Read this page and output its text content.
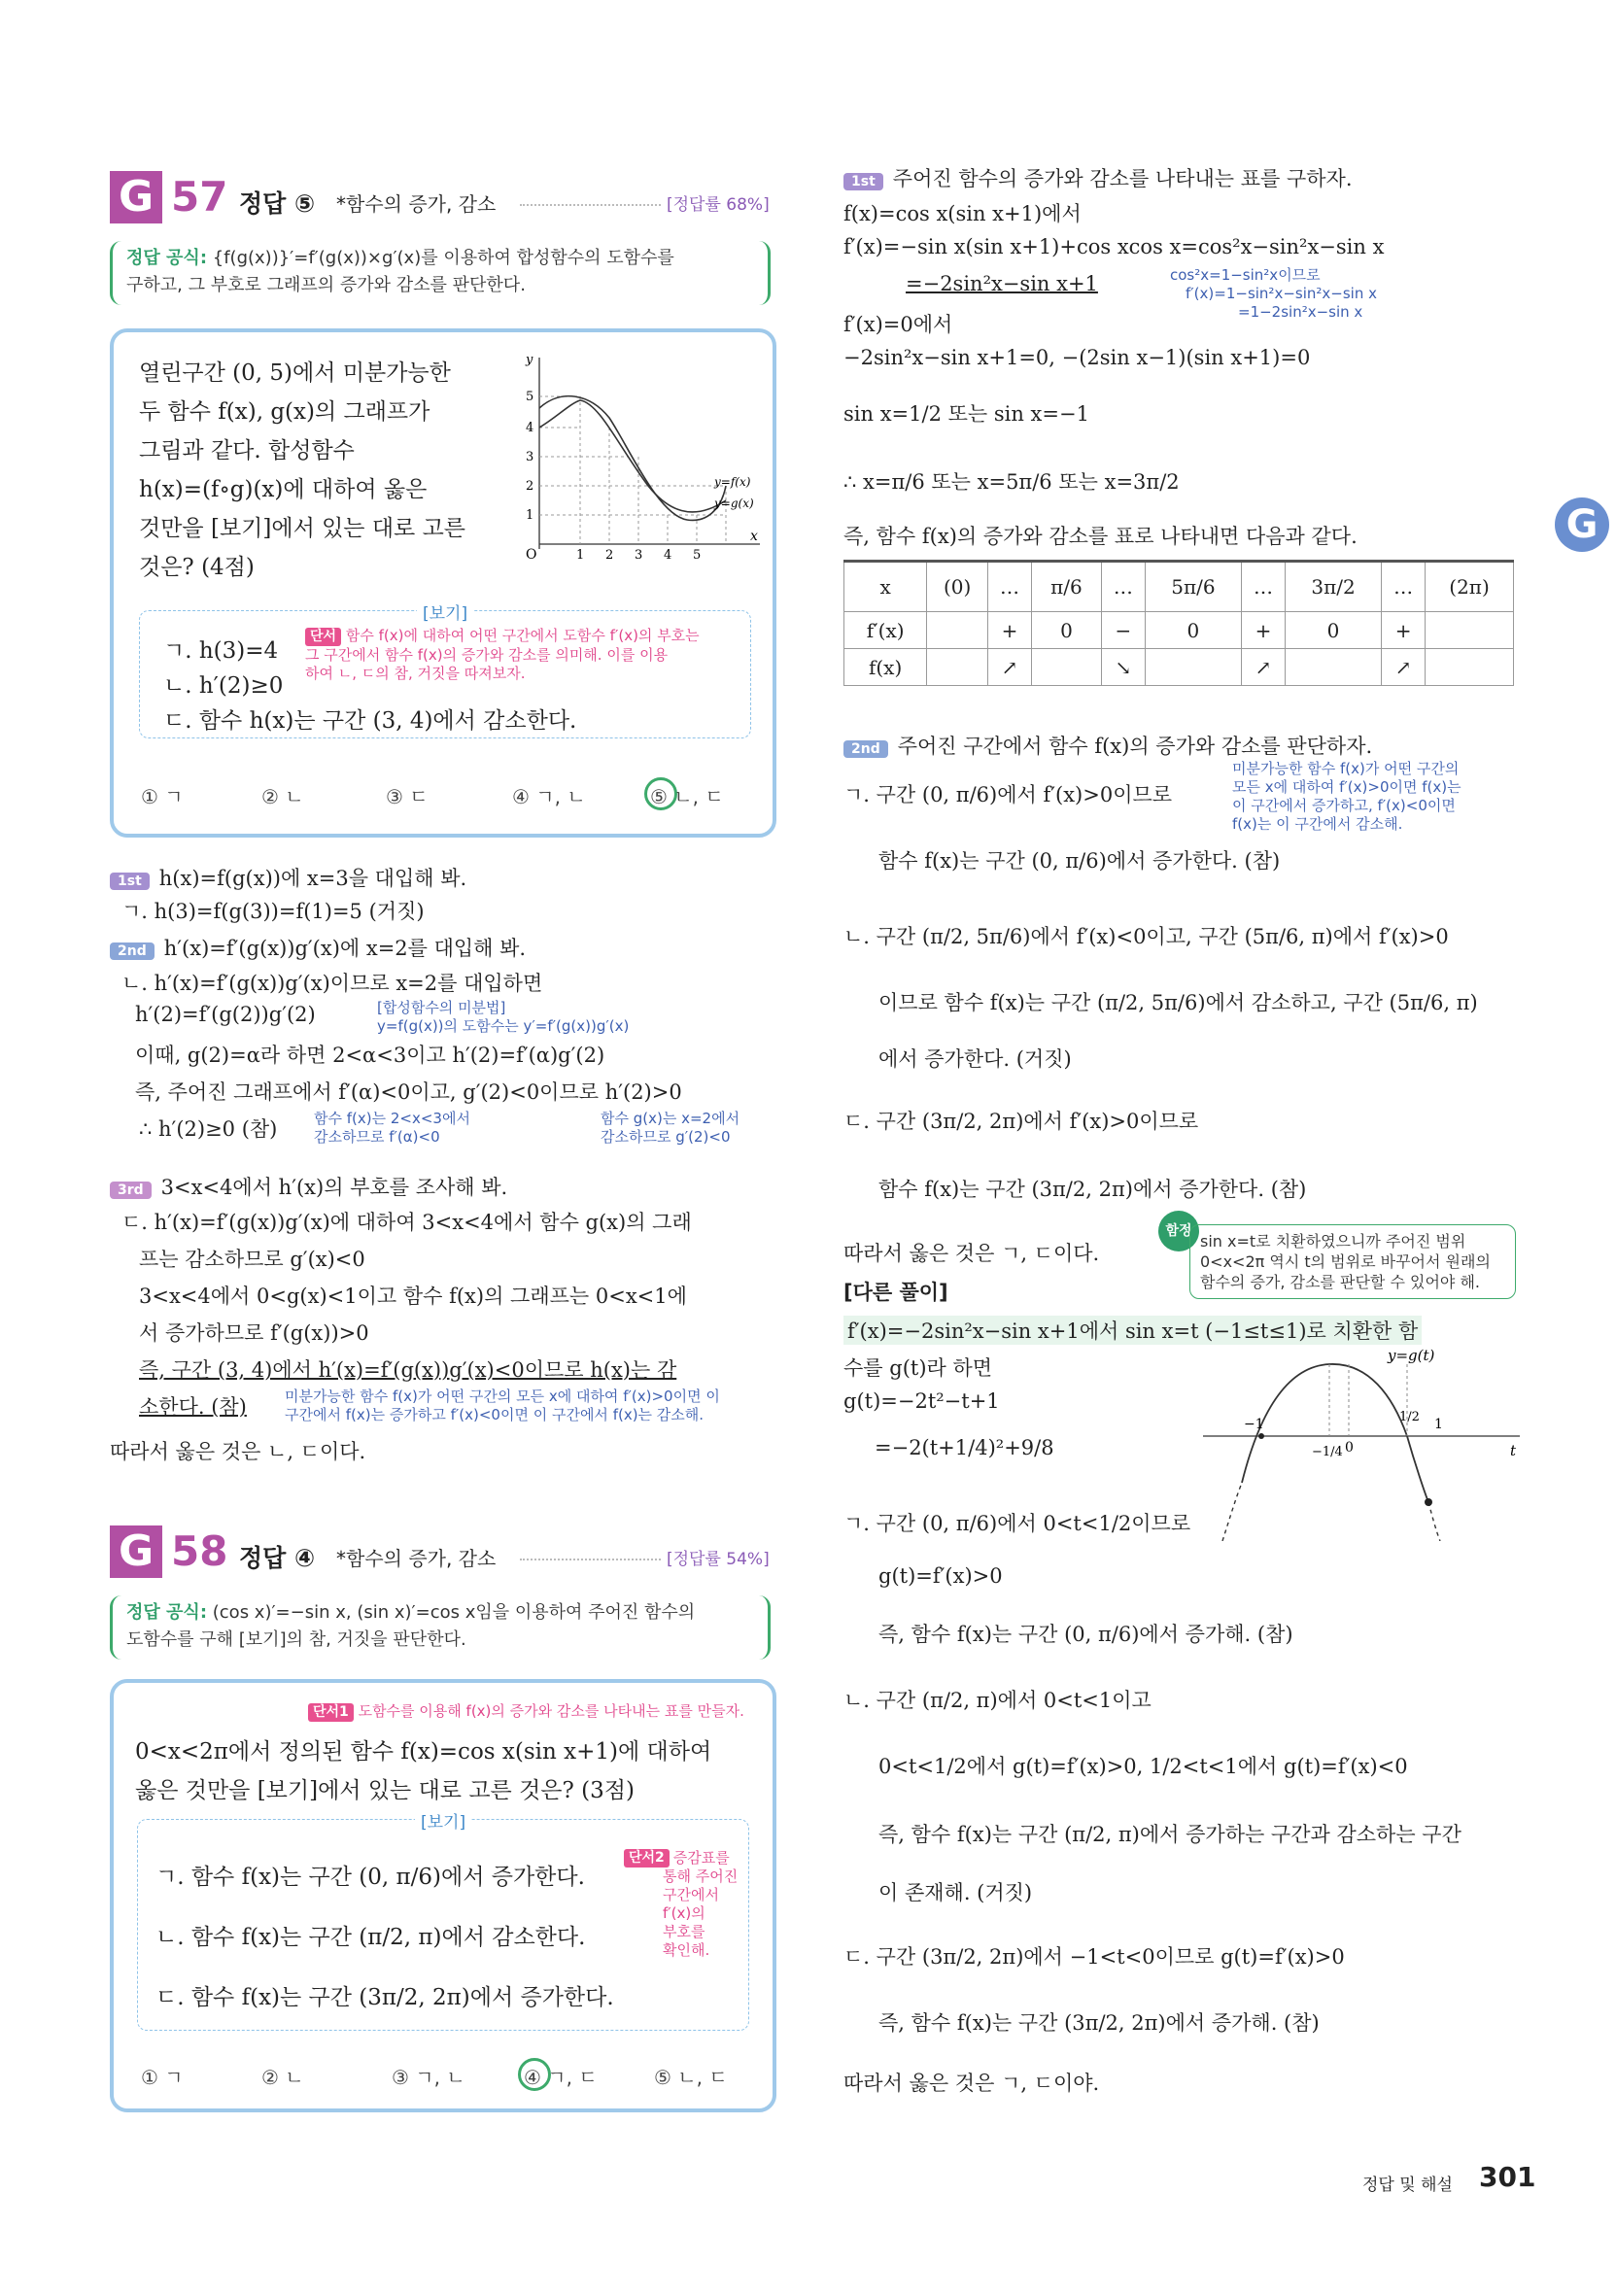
G 57 정답 ⑤ *함수의 증가, 감소	[정답률 68%]
정답 공식: {f(g(x))}′=f′(g(x))×g′(x)를 이용하여 합성함수의 도함수를
구하고, 그 부호로 그래프의 증가와 감소를 판단한다.
열린구간 (0, 5)에서 미분가능한
두 함수 f(x), g(x)의 그래프가
그림과 같다. 합성함수
h(x)=(f∘g)(x)에 대하여 옳은
것만을 [보기]에서 있는 대로 고른
것은? (4점)
y
x
O
5
4
3
2
1
1 2 3 4 5
y=f(x)
y=g(x)
[보기]
ㄱ. h(3)=4
ㄴ. h′(2)≥0
ㄷ. 함수 h(x)는 구간 (3, 4)에서 감소한다.
단서 함수 f(x)에 대하여 어떤 구간에서 도함수 f′(x)의 부호는
그 구간에서 함수 f(x)의 증가와 감소를 의미해. 이를 이용
하여 ㄴ, ㄷ의 참, 거짓을 따져보자.
① ㄱ	② ㄴ	③ ㄷ	④ ㄱ, ㄴ	⑤ ㄴ, ㄷ
1st h(x)=f(g(x))에 x=3을 대입해 봐.
ㄱ. h(3)=f(g(3))=f(1)=5 (거짓)
2nd h′(x)=f′(g(x))g′(x)에 x=2를 대입해 봐.
ㄴ. h′(x)=f′(g(x))g′(x)이므로 x=2를 대입하면
h′(2)=f′(g(2))g′(2)	[합성함수의 미분법]
y=f(g(x))의 도함수는 y′=f′(g(x))g′(x)
이때, g(2)=α라 하면 2<α<3이고 h′(2)=f′(α)g′(2)
즉, 주어진 그래프에서 f′(α)<0이고, g′(2)<0이므로 h′(2)>0
∴ h′(2)≥0 (참)	함수 f(x)는 2<x<3에서
감소하므로 f′(α)<0
함수 g(x)는 x=2에서
감소하므로 g′(2)<0
3rd 3<x<4에서 h′(x)의 부호를 조사해 봐.
ㄷ. h′(x)=f′(g(x))g′(x)에 대하여 3<x<4에서 함수 g(x)의 그래
프는 감소하므로 g′(x)<0
3<x<4에서 0<g(x)<1이고 함수 f(x)의 그래프는 0<x<1에
서 증가하므로 f′(g(x))>0
즉, 구간 (3, 4)에서 h′(x)=f′(g(x))g′(x)<0이므로 h(x)는 감
소한다. (참)	미분가능한 함수 f(x)가 어떤 구간의 모든 x에 대하여 f′(x)>0이면 이
구간에서 f(x)는 증가하고 f′(x)<0이면 이 구간에서 f(x)는 감소해.
따라서 옳은 것은 ㄴ, ㄷ이다.
G 58 정답 ④ *함수의 증가, 감소	[정답률 54%]
정답 공식: (cos x)′=−sin x, (sin x)′=cos x임을 이용하여 주어진 함수의
도함수를 구해 [보기]의 참, 거짓을 판단한다.
단서1 도함수를 이용해 f(x)의 증가와 감소를 나타내는 표를 만들자.
0<x<2π에서 정의된 함수 f(x)=cos x(sin x+1)에 대하여
옳은 것만을 [보기]에서 있는 대로 고른 것은? (3점)
[보기]
ㄱ. 함수 f(x)는 구간 (0, π/6)에서 증가한다.
ㄴ. 함수 f(x)는 구간 (π/2, π)에서 감소한다.
ㄷ. 함수 f(x)는 구간 (3π/2, 2π)에서 증가한다.
단서2 증감표를
통해 주어진
구간에서
f′(x)의
부호를
확인해.
① ㄱ	② ㄴ	③ ㄱ, ㄴ	④ ㄱ, ㄷ	⑤ ㄴ, ㄷ
G
1st 주어진 함수의 증가와 감소를 나타내는 표를 구하자.
f(x)=cos x(sin x+1)에서
f′(x)=−sin x(sin x+1)+cos xcos x=cos²x−sin²x−sin x
=−2sin²x−sin x+1	cos²x=1−sin²x이므로
f′(x)=1−sin²x−sin²x−sin x
=1−2sin²x−sin x
f′(x)=0에서
−2sin²x−sin x+1=0, −(2sin x−1)(sin x+1)=0
sin x=1/2 또는 sin x=−1
∴ x=π/6 또는 x=5π/6 또는 x=3π/2
즉, 함수 f(x)의 증가와 감소를 표로 나타내면 다음과 같다.
x	(0)	…	π/6	…	5π/6	…	3π/2	…	(2π)
f′(x)		+	0	−	0	+	0	+	
f(x)		↗		↘		↗		↗	
2nd 주어진 구간에서 함수 f(x)의 증가와 감소를 판단하자.
미분가능한 함수 f(x)가 어떤 구간의
모든 x에 대하여 f′(x)>0이면 f(x)는
이 구간에서 증가하고, f′(x)<0이면
f(x)는 이 구간에서 감소해.
ㄱ. 구간 (0, π/6)에서 f′(x)>0이므로
함수 f(x)는 구간 (0, π/6)에서 증가한다. (참)
ㄴ. 구간 (π/2, 5π/6)에서 f′(x)<0이고, 구간 (5π/6, π)에서 f′(x)>0
이므로 함수 f(x)는 구간 (π/2, 5π/6)에서 감소하고, 구간 (5π/6, π)
에서 증가한다. (거짓)
ㄷ. 구간 (3π/2, 2π)에서 f′(x)>0이므로
함수 f(x)는 구간 (3π/2, 2π)에서 증가한다. (참)
따라서 옳은 것은 ㄱ, ㄷ이다.
함정
sin x=t로 치환하였으니까 주어진 범위
0<x<2π 역시 t의 범위로 바꾸어서 원래의
함수의 증가, 감소를 판단할 수 있어야 해.
[다른 풀이]
f′(x)=−2sin²x−sin x+1에서 sin x=t (−1≤t≤1)로 치환한 함
수를 g(t)라 하면
g(t)=−2t²−t+1
=−2(t+1/4)²+9/8
y=g(t)
t
−1	1/2 1
−1/4 0
ㄱ. 구간 (0, π/6)에서 0<t<1/2이므로
g(t)=f′(x)>0
즉, 함수 f(x)는 구간 (0, π/6)에서 증가해. (참)
ㄴ. 구간 (π/2, π)에서 0<t<1이고
0<t<1/2에서 g(t)=f′(x)>0, 1/2<t<1에서 g(t)=f′(x)<0
즉, 함수 f(x)는 구간 (π/2, π)에서 증가하는 구간과 감소하는 구간
이 존재해. (거짓)
ㄷ. 구간 (3π/2, 2π)에서 −1<t<0이므로 g(t)=f′(x)>0
즉, 함수 f(x)는 구간 (3π/2, 2π)에서 증가해. (참)
따라서 옳은 것은 ㄱ, ㄷ이야.
정답 및 해설 301
